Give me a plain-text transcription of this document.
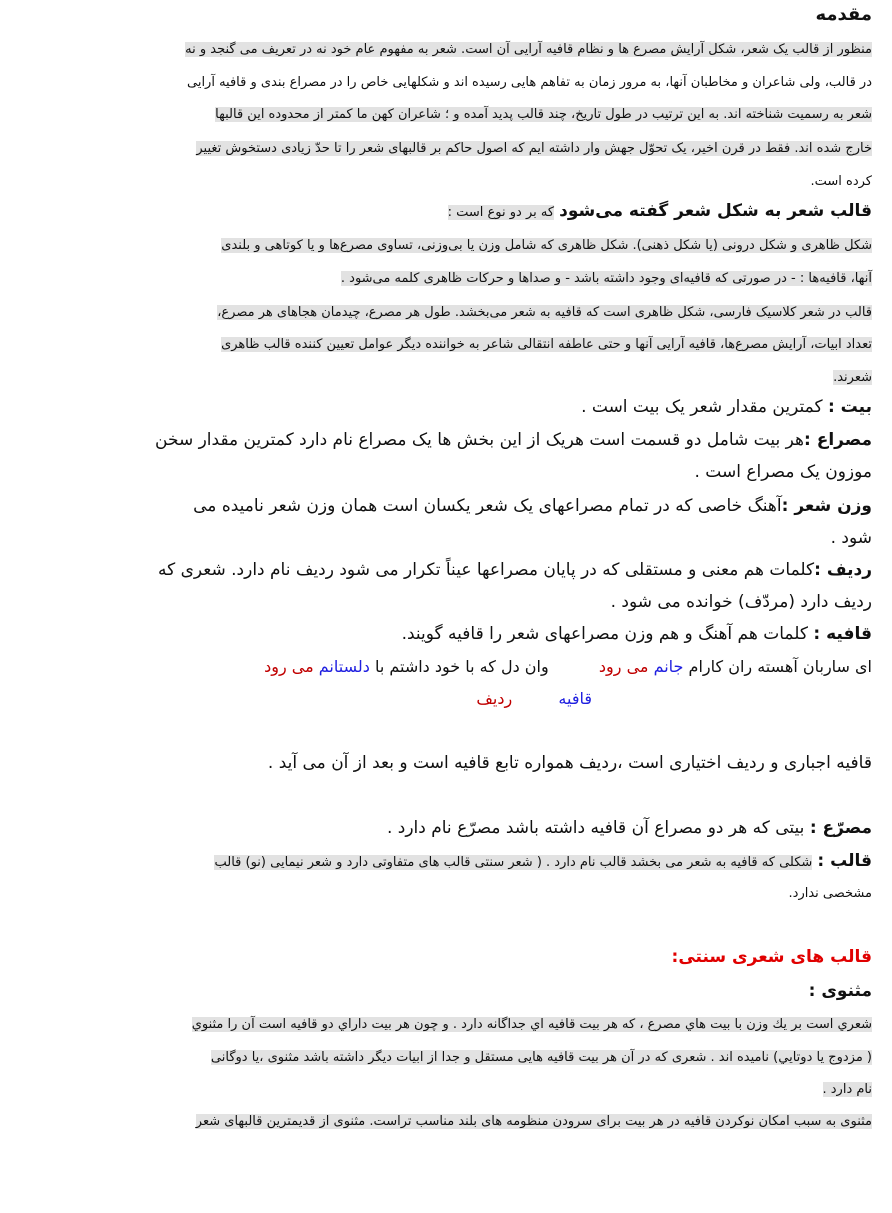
مقدمه
منظور از قالب یک شعر، شکل آرایش مصرع ها و نظام قافیه آرایی آن است. شعر به مفهوم عام خود نه در تعریف می گنجد و نه
در قالب، ولی شاعران و مخاطبان آنها، به مرور زمان به تفاهم هایی رسیده اند و شکلهایی خاص را در مصراع بندی و قافیه آرایی
شعر به رسمیت شناخته اند. به این ترتیب در طول تاریخ، چند قالب پدید آمده و ؛ شاعران کهن ما کمتر از محدوده این قالبها
خارج شده اند. فقط در قرن اخیر، یک تحوّل جهش وار داشته ایم که اصول حاکم بر قالبهای شعر را تا حدّ زیادی دستخوش تغییر
کرده است.
قالب شعر به شکل شعر گفته می‌شود که بر دو نوع است :
شکل ظاهری و شکل درونی (یا شکل ذهنی). شکل ظاهری که شامل وزن یا بی‌وزنی، تساوی مصرع‌ها و یا کوتاهی و بلندی
آنها، قافیه‌ها : - در صورتی که قافیه‌ای وجود داشته باشد - و صداها و حرکات ظاهری کلمه می‌شود .
قالب در شعر کلاسیک فارسی، شکل ظاهری است که قافیه به شعر می‌بخشد. طول هر مصرع، چیدمان هجاهای هر مصرع،
تعداد ابیات، آرایش مصرع‌ها، قافیه آرایی آنها و حتی عاطفه انتقالی شاعر به خواننده دیگر عوامل تعیین کننده قالب ظاهری
شعرند.
بیت : کمترین مقدار شعر یک بیت است .
مصراع :هر بیت شامل دو قسمت است هریک از این بخش ها یک مصراع نام دارد کمترین مقدار سخن
موزون یک مصراع است .
وزن شعر :آهنگ خاصی که در تمام مصراعهای یک شعر یکسان است همان وزن شعر نامیده می
شود .
ردیف :کلمات هم معنی و مستقلی که در پایان مصراعها عیناً تکرار می شود ردیف نام دارد. شعری که
ردیف دارد (مردّف) خوانده می شود .
قافیه : کلمات هم آهنگ و هم وزن مصراعهای شعر را قافیه گویند.
ای ساربان آهسته ران کارام جانم می رود  وان دل که با خود داشتم با دلستانم می رود
قافیه  ردیف
قافیه اجباری و ردیف اختیاری است ،ردیف همواره تابع قافیه است و بعد از آن می آید .
مصرّع : بیتی که هر دو مصراع آن قافیه داشته باشد مصرّع نام دارد .
قالب : شکلی که قافیه به شعر می بخشد قالب نام دارد . ( شعر سنتی قالب های متفاوتی دارد و شعر نیمایی (نو) قالب
مشخصی ندارد.
قالب های شعری سنتی:
مثنوی :
شعري است بر يك وزن با بيت هاي مصرع ، كه هر بيت قافيه اي جداگانه دارد . و چون هر بيت داراي دو قافيه است آن را مثنوي
( مزدوج يا دوتايي) ناميده اند . شعری که در آن هر بیت قافیه هایی مستقل و جدا از ابیات دیگر داشته باشد مثنوی ،یا دوگانی
نام دارد .
مثنوی به سبب امکان نوکردن قافیه در هر بیت برای سرودن منظومه های بلند مناسب تراست. مثنوی از قدیمترین قالبهای شعر
